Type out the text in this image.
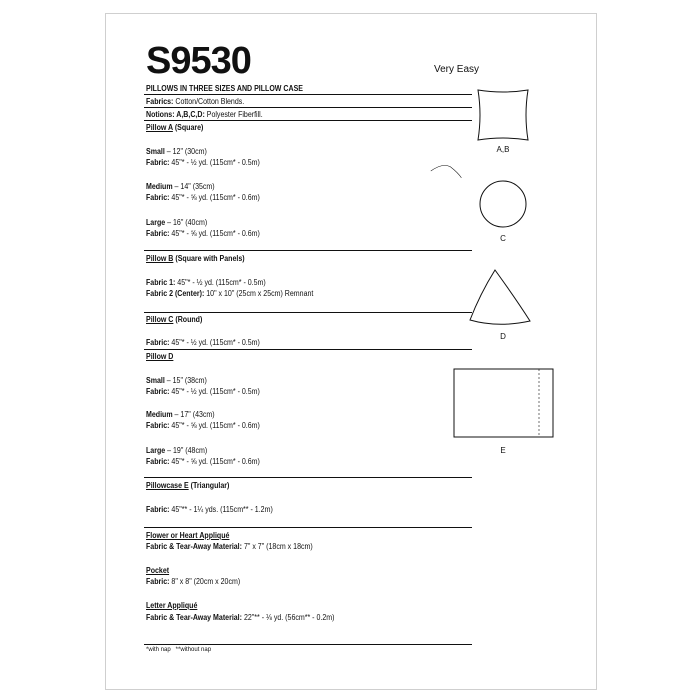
S9530	Very Easy
PILLOWS IN THREE SIZES AND PILLOW CASE
Fabrics: Cotton/Cotton Blends.
Notions: A,B,C,D: Polyester Fiberfill.
Pillow A (Square)
Small – 12" (30cm)
Fabric: 45"* - ½ yd. (115cm* - 0.5m)
Medium – 14" (35cm)
Fabric: 45"* - ⅝ yd. (115cm* - 0.6m)
Large – 16" (40cm)
Fabric: 45"* - ⅝ yd. (115cm* - 0.6m)
Pillow B (Square with Panels)
Fabric 1: 45"* - ½ yd. (115cm* - 0.5m)
Fabric 2 (Center): 10" x 10" (25cm x 25cm) Remnant
Pillow C (Round)
Fabric: 45"* - ½ yd. (115cm* - 0.5m)
Pillow D
Small – 15" (38cm)
Fabric: 45"* - ½ yd. (115cm* - 0.5m)
Medium – 17" (43cm)
Fabric: 45"* - ⅝ yd. (115cm* - 0.6m)
Large – 19" (48cm)
Fabric: 45"* - ⅝ yd. (115cm* - 0.6m)
Pillowcase E (Triangular)
Fabric: 45"** - 1¼ yds. (115cm** - 1.2m)
Flower or Heart Appliqué
Fabric & Tear-Away Material: 7" x 7" (18cm x 18cm)
Pocket
Fabric: 8" x 8" (20cm x 20cm)
Letter Appliqué
Fabric & Tear-Away Material: 22"** - ⅛ yd. (56cm** - 0.2m)
*with nap   **without nap
A,B
C
D
E
